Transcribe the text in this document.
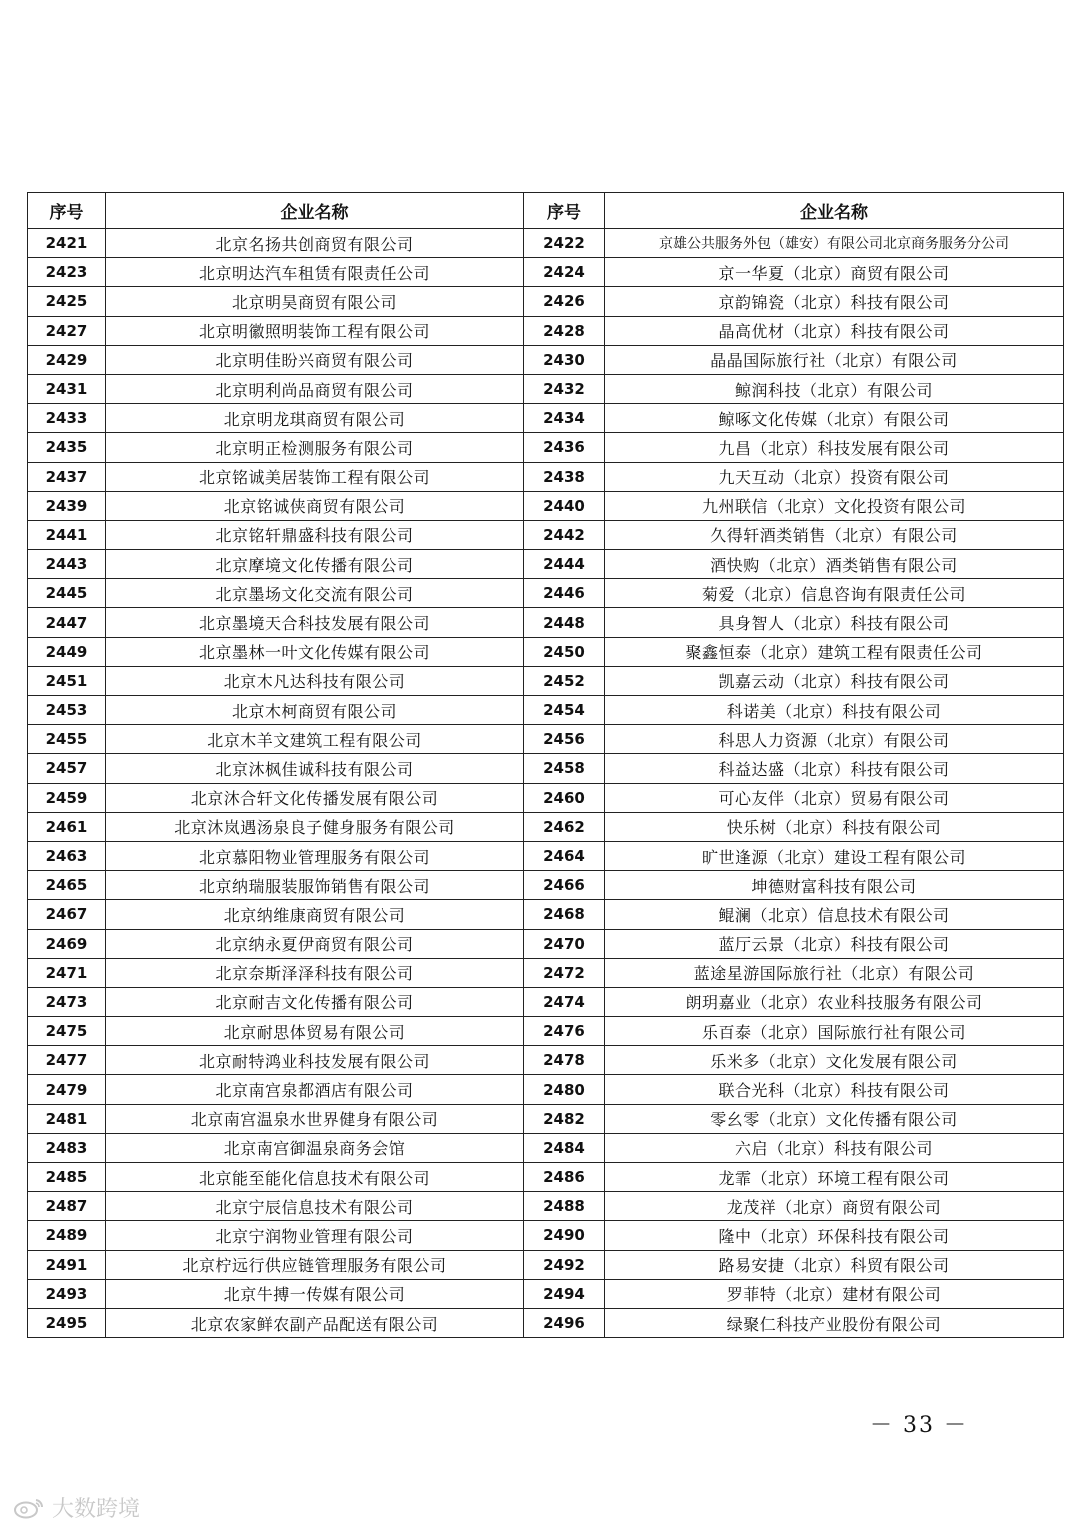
序号	企业名称	序号	企业名称
2421	北京名扬共创商贸有限公司	2422	京雄公共服务外包（雄安）有限公司北京商务服务分公司
2423	北京明达汽车租赁有限责任公司	2424	京一华夏（北京）商贸有限公司
2425	北京明昊商贸有限公司	2426	京韵锦瓷（北京）科技有限公司
2427	北京明徽照明装饰工程有限公司	2428	晶高优材（北京）科技有限公司
2429	北京明佳盼兴商贸有限公司	2430	晶晶国际旅行社（北京）有限公司
2431	北京明利尚品商贸有限公司	2432	鲸润科技（北京）有限公司
2433	北京明龙琪商贸有限公司	2434	鲸啄文化传媒（北京）有限公司
2435	北京明正检测服务有限公司	2436	九昌（北京）科技发展有限公司
2437	北京铭诚美居装饰工程有限公司	2438	九天互动（北京）投资有限公司
2439	北京铭诚侠商贸有限公司	2440	九州联信（北京）文化投资有限公司
2441	北京铭轩鼎盛科技有限公司	2442	久得轩酒类销售（北京）有限公司
2443	北京摩境文化传播有限公司	2444	酒快购（北京）酒类销售有限公司
2445	北京墨场文化交流有限公司	2446	菊爱（北京）信息咨询有限责任公司
2447	北京墨境天合科技发展有限公司	2448	具身智人（北京）科技有限公司
2449	北京墨林一叶文化传媒有限公司	2450	聚鑫恒泰（北京）建筑工程有限责任公司
2451	北京木凡达科技有限公司	2452	凯嘉云动（北京）科技有限公司
2453	北京木柯商贸有限公司	2454	科诺美（北京）科技有限公司
2455	北京木羊文建筑工程有限公司	2456	科思人力资源（北京）有限公司
2457	北京沐枫佳诚科技有限公司	2458	科益达盛（北京）科技有限公司
2459	北京沐合轩文化传播发展有限公司	2460	可心友伴（北京）贸易有限公司
2461	北京沐岚遇汤泉良子健身服务有限公司	2462	快乐树（北京）科技有限公司
2463	北京慕阳物业管理服务有限公司	2464	旷世逢源（北京）建设工程有限公司
2465	北京纳瑞服装服饰销售有限公司	2466	坤德财富科技有限公司
2467	北京纳维康商贸有限公司	2468	鲲澜（北京）信息技术有限公司
2469	北京纳永夏伊商贸有限公司	2470	蓝厅云景（北京）科技有限公司
2471	北京奈斯泽泽科技有限公司	2472	蓝途星游国际旅行社（北京）有限公司
2473	北京耐吉文化传播有限公司	2474	朗玥嘉业（北京）农业科技服务有限公司
2475	北京耐思体贸易有限公司	2476	乐百泰（北京）国际旅行社有限公司
2477	北京耐特鸿业科技发展有限公司	2478	乐米多（北京）文化发展有限公司
2479	北京南宫泉都酒店有限公司	2480	联合光科（北京）科技有限公司
2481	北京南宫温泉水世界健身有限公司	2482	零幺零（北京）文化传播有限公司
2483	北京南宫御温泉商务会馆	2484	六启（北京）科技有限公司
2485	北京能至能化信息技术有限公司	2486	龙霏（北京）环境工程有限公司
2487	北京宁辰信息技术有限公司	2488	龙茂祥（北京）商贸有限公司
2489	北京宁润物业管理有限公司	2490	隆中（北京）环保科技有限公司
2491	北京柠远行供应链管理服务有限公司	2492	路易安捷（北京）科贸有限公司
2493	北京牛搏一传媒有限公司	2494	罗菲特（北京）建材有限公司
2495	北京农家鲜农副产品配送有限公司	2496	绿聚仁科技产业股份有限公司
－ 33 －
大数跨境
